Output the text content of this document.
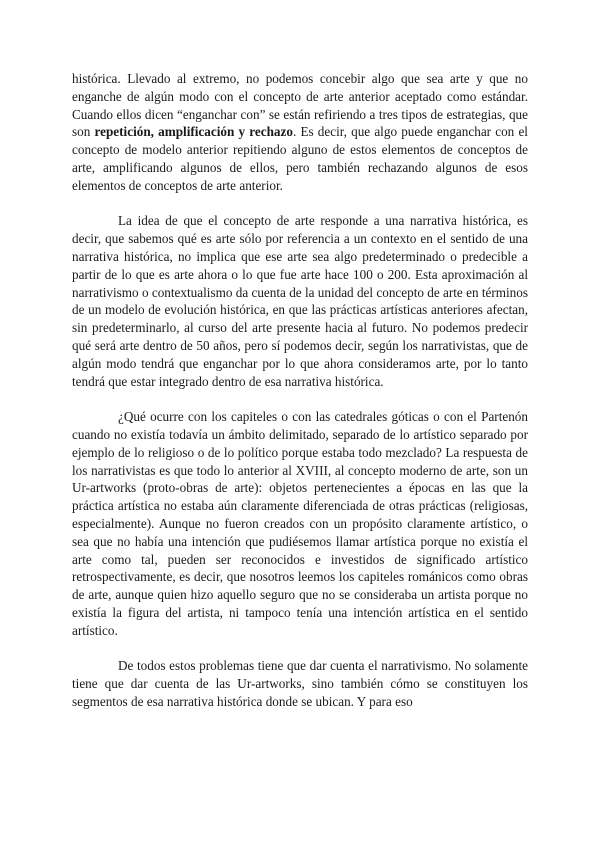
histórica. Llevado al extremo, no podemos concebir algo que sea arte y que no enganche de algún modo con el concepto de arte anterior aceptado como estándar. Cuando ellos dicen “enganchar con” se están refiriendo a tres tipos de estrategias, que son repetición, amplificación y rechazo. Es decir, que algo puede enganchar con el concepto de modelo anterior repitiendo alguno de estos elementos de conceptos de arte, amplificando algunos de ellos, pero también rechazando algunos de esos elementos de conceptos de arte anterior.

La idea de que el concepto de arte responde a una narrativa histórica, es decir, que sabemos qué es arte sólo por referencia a un contexto en el sentido de una narrativa histórica, no implica que ese arte sea algo predeterminado o predecible a partir de lo que es arte ahora o lo que fue arte hace 100 o 200. Esta aproximación al narrativismo o contextualismo da cuenta de la unidad del concepto de arte en términos de un modelo de evolución histórica, en que las prácticas artísticas anteriores afectan, sin predeterminarlo, al curso del arte presente hacia al futuro. No podemos predecir qué será arte dentro de 50 años, pero sí podemos decir, según los narrativistas, que de algún modo tendrá que enganchar por lo que ahora consideramos arte, por lo tanto tendrá que estar integrado dentro de esa narrativa histórica.

¿Qué ocurre con los capiteles o con las catedrales góticas o con el Partenón cuando no existía todavía un ámbito delimitado, separado de lo artístico separado por ejemplo de lo religioso o de lo político porque estaba todo mezclado? La respuesta de los narrativistas es que todo lo anterior al XVIII, al concepto moderno de arte, son un Ur-artworks (proto-obras de arte): objetos pertenecientes a épocas en las que la práctica artística no estaba aún claramente diferenciada de otras prácticas (religiosas, especialmente). Aunque no fueron creados con un propósito claramente artístico, o sea que no había una intención que pudiésemos llamar artística porque no existía el arte como tal, pueden ser reconocidos e investidos de significado artístico retrospectivamente, es decir, que nosotros leemos los capiteles románicos como obras de arte, aunque quien hizo aquello seguro que no se consideraba un artista porque no existía la figura del artista, ni tampoco tenía una intención artística en el sentido artístico.

De todos estos problemas tiene que dar cuenta el narrativismo. No solamente tiene que dar cuenta de las Ur-artworks, sino también cómo se constituyen los segmentos de esa narrativa histórica donde se ubican. Y para eso
